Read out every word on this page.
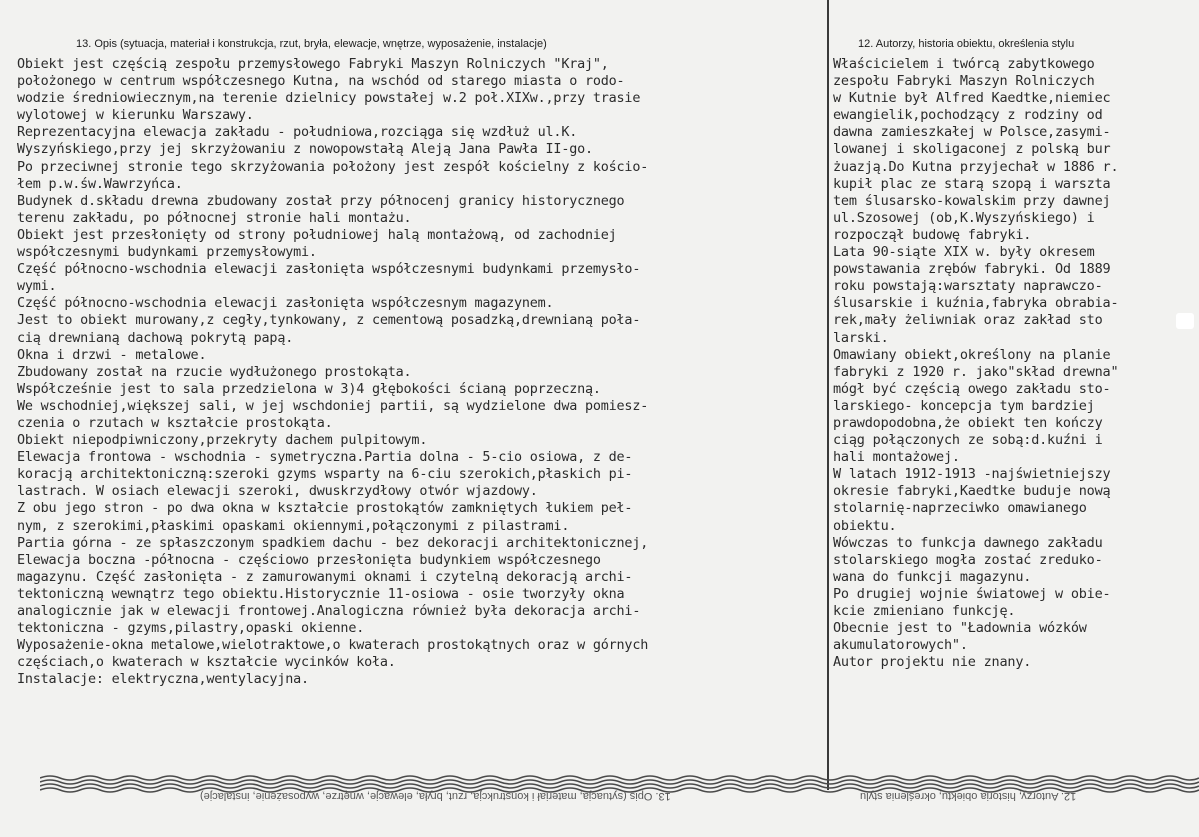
13. Opis (sytuacja, materiał i konstrukcja, rzut, bryła, elewacje, wnętrze, wyposażenie, instalacje)	12. Autorzy, historia obiektu, określenia stylu
Obiekt jest częścią zespołu przemysłowego Fabryki Maszyn Rolniczych "Kraj",
położonego w centrum współczesnego Kutna, na wschód od starego miasta o rodo-
wodzie średniowiecznym,na terenie dzielnicy powstałej w.2 poł.XIXw.,przy trasie
wylotowej w kierunku Warszawy.
Reprezentacyjna elewacja zakładu - południowa,rozciąga się wzdłuż ul.K.
Wyszyńskiego,przy jej skrzyżowaniu z nowopowstałą Aleją Jana Pawła II-go.
Po przeciwnej stronie tego skrzyżowania położony jest zespół kościelny z kościo-
łem p.w.św.Wawrzyńca.
Budynek d.składu drewna zbudowany został przy północenj granicy historycznego
terenu zakładu, po północnej stronie hali montażu.
Obiekt jest przesłonięty od strony południowej halą montażową, od zachodniej
współczesnymi budynkami przemysłowymi.
Część północno-wschodnia elewacji zasłonięta współczesnymi budynkami przemysło-
wymi.
Część północno-wschodnia elewacji zasłonięta współczesnym magazynem.
Jest to obiekt murowany,z cegły,tynkowany, z cementową posadzką,drewnianą poła-
cią drewnianą dachową pokrytą papą.
Okna i drzwi - metalowe.
Zbudowany został na rzucie wydłużonego prostokąta.
Współcześnie jest to sala przedzielona w 3)4 głębokości ścianą poprzeczną.
We wschodniej,większej sali, w jej wschdoniej partii, są wydzielone dwa pomiesz-
czenia o rzutach w kształcie prostokąta.
Obiekt niepodpiwniczony,przekryty dachem pulpitowym.
Elewacja frontowa - wschodnia - symetryczna.Partia dolna - 5-cio osiowa, z de-
koracją architektoniczną:szeroki gzyms wsparty na 6-ciu szerokich,płaskich pi-
lastrach. W osiach elewacji szeroki, dwuskrzydłowy otwór wjazdowy.
Z obu jego stron - po dwa okna w kształcie prostokątów zamkniętych łukiem peł-
nym, z szerokimi,płaskimi opaskami okiennymi,połączonymi z pilastrami.
Partia górna - ze spłaszczonym spadkiem dachu - bez dekoracji architektonicznej,
Elewacja boczna -północna - częściowo przesłonięta budynkiem współczesnego
magazynu. Część zasłonięta - z zamurowanymi oknami i czytelną dekoracją archi-
tektoniczną wewnątrz tego obiektu.Historycznie 11-osiowa - osie tworzyły okna
analogicznie jak w elewacji frontowej.Analogiczna również była dekoracja archi-
tektoniczna - gzyms,pilastry,opaski okienne.
Wyposażenie-okna metalowe,wielotraktowe,o kwaterach prostokątnych oraz w górnych
częściach,o kwaterach w kształcie wycinków koła.
Instalacje: elektryczna,wentylacyjna.
Właścicielem i twórcą zabytkowego
zespołu Fabryki Maszyn Rolniczych
w Kutnie był Alfred Kaedtke,niemiec
ewangielik,pochodzący z rodziny od
dawna zamieszkałej w Polsce,zasymi-
lowanej i skoligaconej z polską bur
żuazją.Do Kutna przyjechał w 1886 r.
kupił plac ze starą szopą i warszta
tem ślusarsko-kowalskim przy dawnej
ul.Szosowej (ob,K.Wyszyńskiego) i
rozpoczął budowę fabryki.
Lata 90-siąte XIX w. były okresem
powstawania zrębów fabryki. Od 1889
roku powstają:warsztaty naprawczo-
ślusarskie i kuźnia,fabryka obrabia-
rek,mały żeliwniak oraz zakład sto
larski.
Omawiany obiekt,określony na planie
fabryki z 1920 r. jako"skład drewna"
mógł być częścią owego zakładu sto-
larskiego- koncepcja tym bardziej
prawdopodobna,że obiekt ten kończy
ciąg połączonych ze sobą:d.kuźni i
hali montażowej.
W latach 1912-1913 -najświetniejszy
okresie fabryki,Kaedtke buduje nową
stolarnię-naprzeciwko omawianego
obiektu.
Wówczas to funkcja dawnego zakładu
stolarskiego mogła zostać zreduko-
wana do funkcji magazynu.
Po drugiej wojnie światowej w obie-
kcie zmieniano funkcję.
Obecnie jest to "Ładownia wózków
akumulatorowych".
Autor projektu nie znany.
13. Opis (sytuacja, materiał i konstrukcja, rzut, bryła, elewacje, wnętrze, wyposażenie, instalacje)	12. Autorzy, historia obiektu, określenia stylu
